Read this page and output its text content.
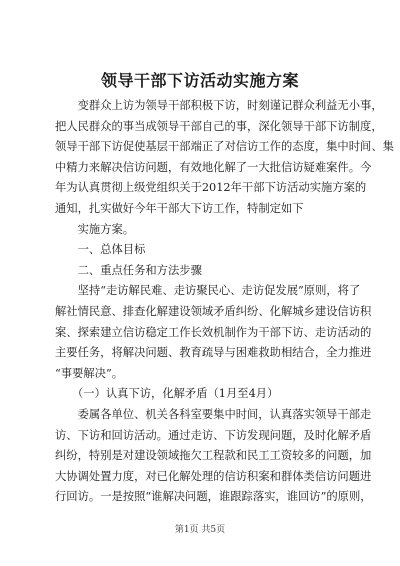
领导干部下访活动实施方案
　　变群众上访为领导干部积极下访，时刻谨记群众利益无小事，
把人民群众的事当成领导干部自己的事，深化领导干部下访制度，
领导干部下访促使基层干部端正了对信访工作的态度，集中时间、集
中精力来解决信访问题，有效地化解了一大批信访疑难案件。今
年为认真贯彻上级党组织关于2012年干部下访活动实施方案的
通知，扎实做好今年干部大下访工作，特制定如下
　　实施方案。
　　一、总体目标
　　二、重点任务和方法步骤
　　坚持“走访解民难、走访聚民心、走访促发展”原则，将了
解社情民意、排查化解建设领域矛盾纠纷、化解城乡建设信访积
案、探索建立信访稳定工作长效机制作为干部下访、走访活动的
主要任务，将解决问题、教育疏导与困难救助相结合，全力推进
“事要解决”。
　　（一）认真下访，化解矛盾（1月至4月）
　　委属各单位、机关各科室要集中时间，认真落实领导干部走
访、下访和回访活动。通过走访、下访发现问题，及时化解矛盾
纠纷，特别是对建设领域拖欠工程款和民工工资较多的问题，加
大协调处置力度，对已化解处理的信访积案和群体类信访问题进
行回访。一是按照“谁解决问题，谁跟踪落实，谁回访”的原则，
第1页 共5页
